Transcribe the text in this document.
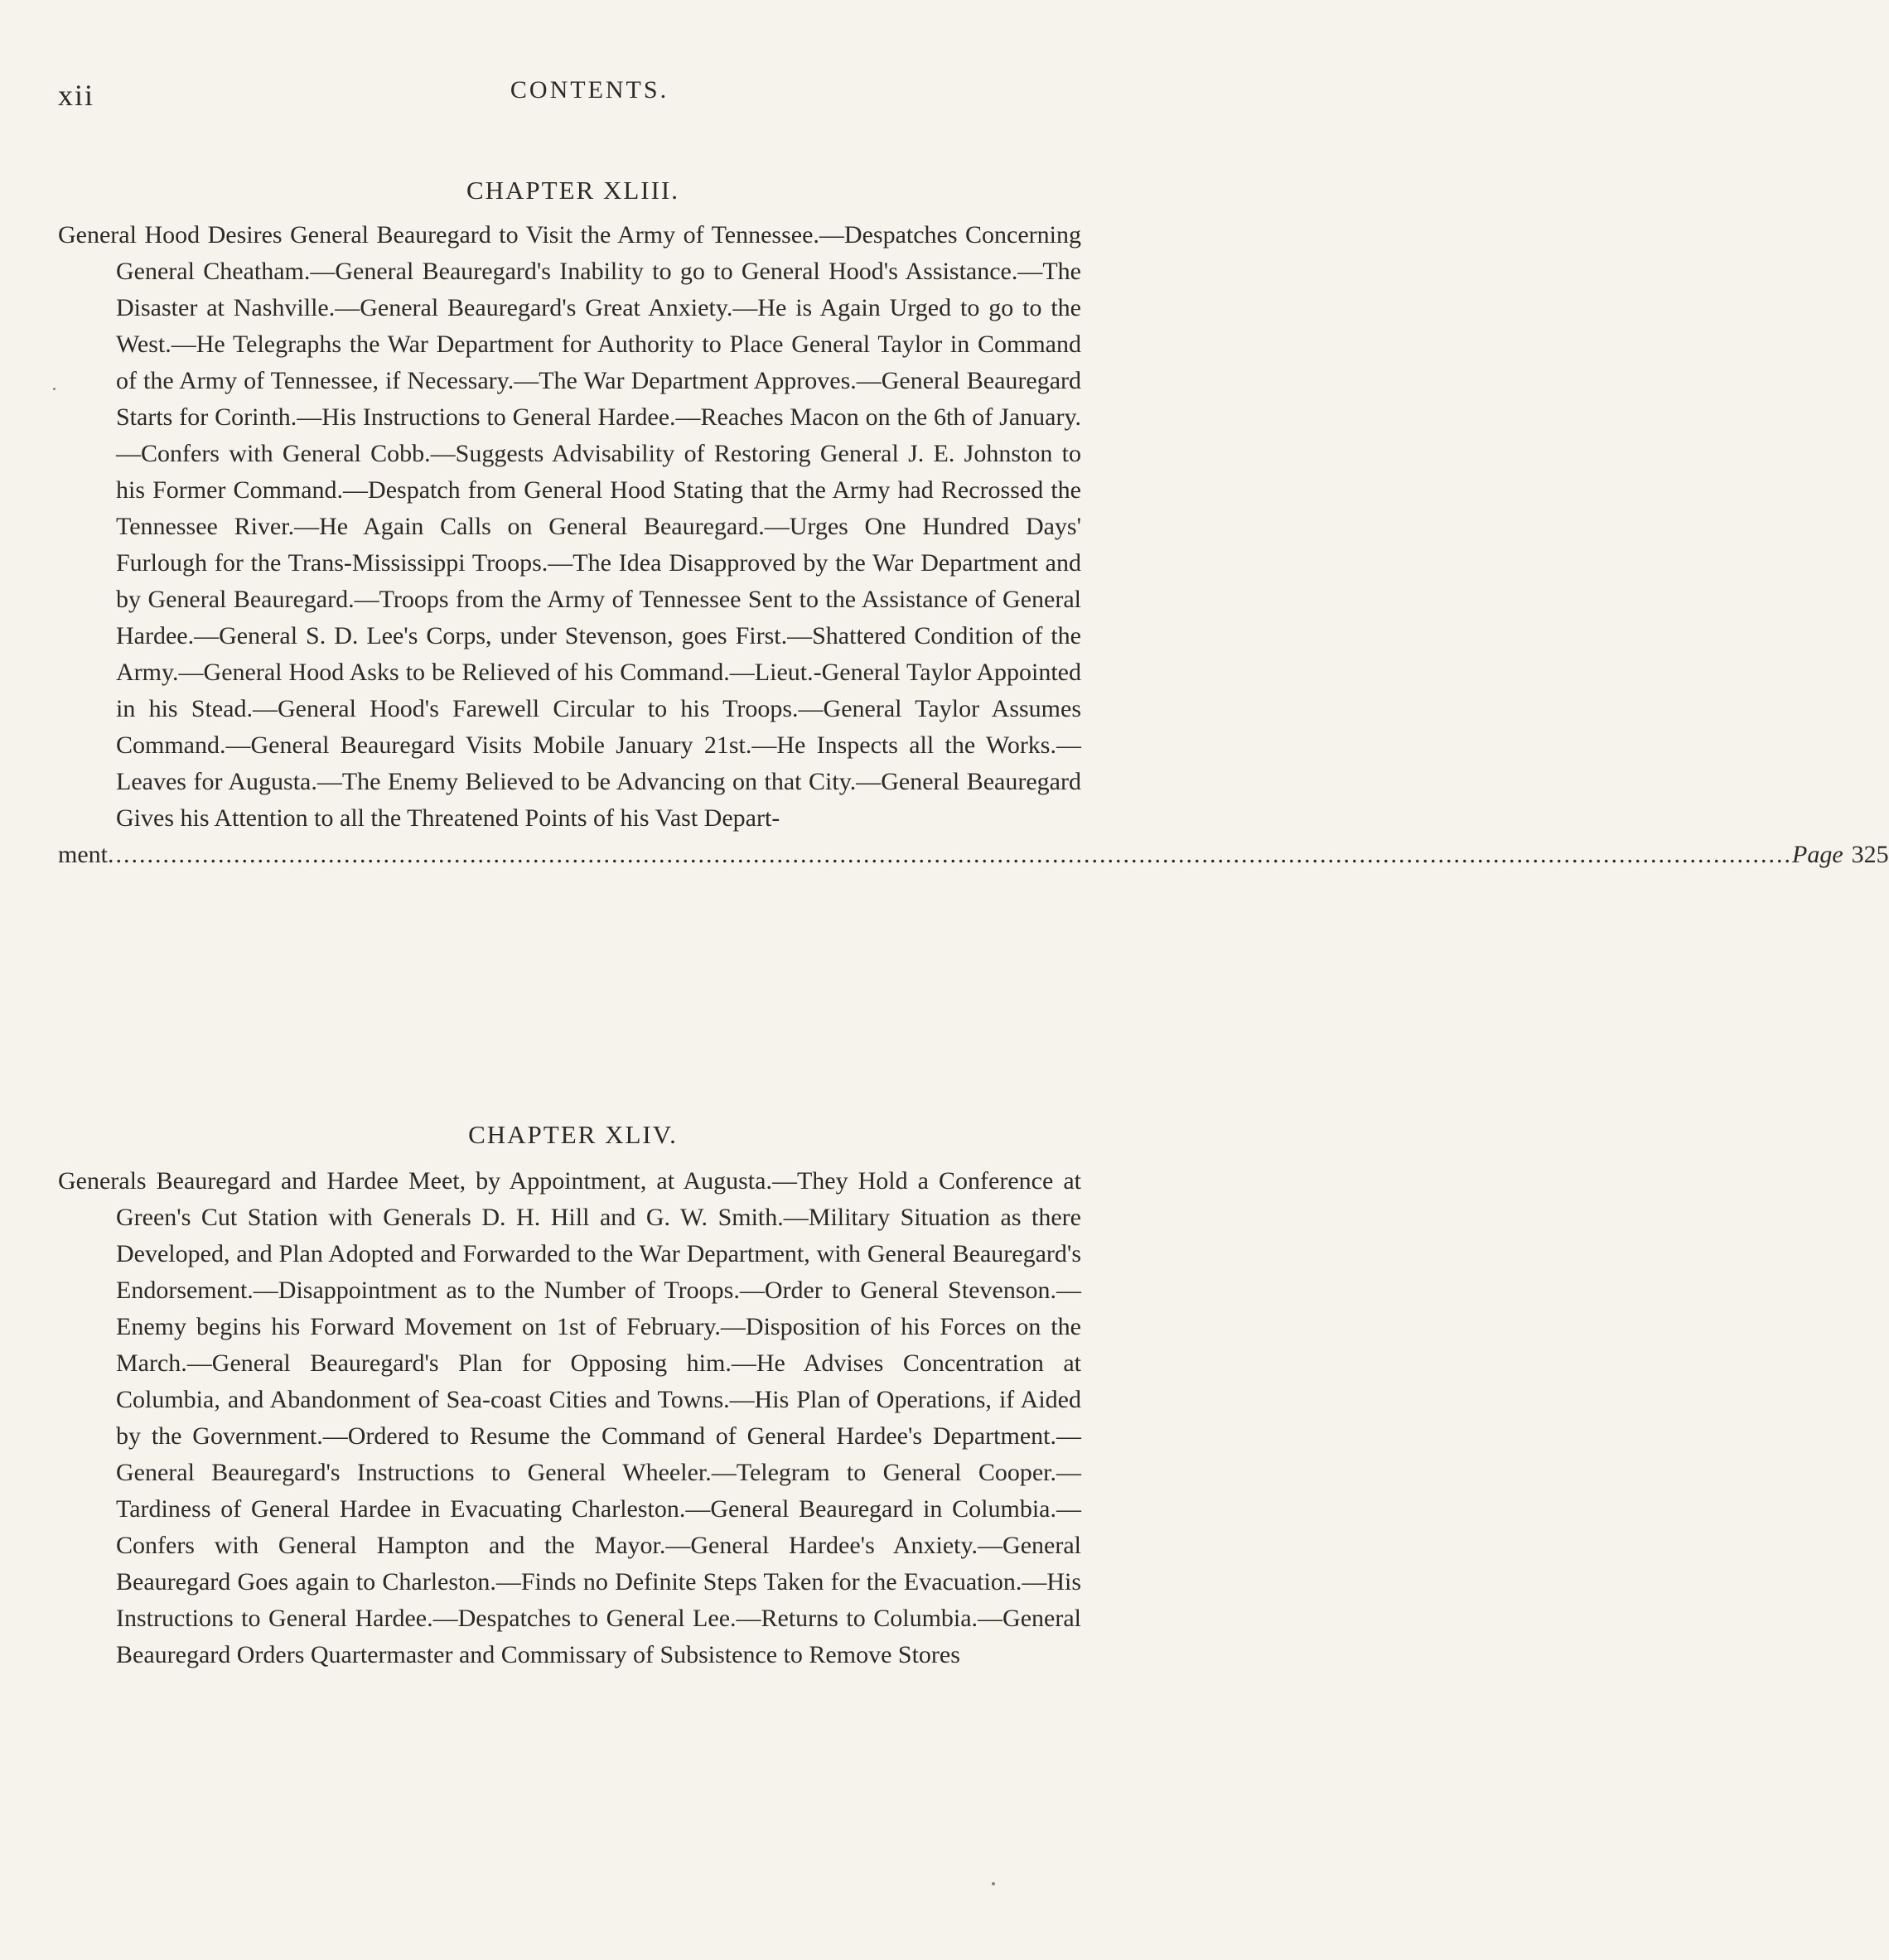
xii	CONTENTS.
CHAPTER XLIII.

General Hood Desires General Beauregard to Visit the Army of Tennessee.—Despatches Concerning General Cheatham.—General Beauregard's Inability to go to General Hood's Assistance.—The Disaster at Nashville.—General Beauregard's Great Anxiety.—He is Again Urged to go to the West.—He Telegraphs the War Department for Authority to Place General Taylor in Command of the Army of Tennessee, if Necessary.—The War Department Approves.—General Beauregard Starts for Corinth.—His Instructions to General Hardee.—Reaches Macon on the 6th of January.—Confers with General Cobb.—Suggests Advisability of Restoring General J. E. Johnston to his Former Command.—Despatch from General Hood Stating that the Army had Recrossed the Tennessee River.—He Again Calls on General Beauregard.—Urges One Hundred Days' Furlough for the Trans-Mississippi Troops.—The Idea Disapproved by the War Department and by General Beauregard.—Troops from the Army of Tennessee Sent to the Assistance of General Hardee.—General S. D. Lee's Corps, under Stevenson, goes First.—Shattered Condition of the Army.—General Hood Asks to be Relieved of his Command.—Lieut.-General Taylor Appointed in his Stead.—General Hood's Farewell Circular to his Troops.—General Taylor Assumes Command.—General Beauregard Visits Mobile January 21st.—He Inspects all the Works.—Leaves for Augusta.—The Enemy Believed to be Advancing on that City.—General Beauregard Gives his Attention to all the Threatened Points of his Vast Depart-

ment ...................................................................................................................................................................................................................... Page 325
CHAPTER XLIV.

Generals Beauregard and Hardee Meet, by Appointment, at Augusta.—They Hold a Conference at Green's Cut Station with Generals D. H. Hill and G. W. Smith.—Military Situation as there Developed, and Plan Adopted and Forwarded to the War Department, with General Beauregard's Endorsement.—Disappointment as to the Number of Troops.—Order to General Stevenson.—Enemy begins his Forward Movement on 1st of February.—Disposition of his Forces on the March.—General Beauregard's Plan for Opposing him.—He Advises Concentration at Columbia, and Abandonment of Sea-coast Cities and Towns.—His Plan of Operations, if Aided by the Government.—Ordered to Resume the Command of General Hardee's Department.—General Beauregard's Instructions to General Wheeler.—Telegram to General Cooper.—Tardiness of General Hardee in Evacuating Charleston.—General Beauregard in Columbia.—Confers with General Hampton and the Mayor.—General Hardee's Anxiety.—General Beauregard Goes again to Charleston.—Finds no Definite Steps Taken for the Evacuation.—His Instructions to General Hardee.—Despatches to General Lee.—Returns to Columbia.—General Beauregard Orders Quartermaster and Commissary of Subsistence to Remove Stores
